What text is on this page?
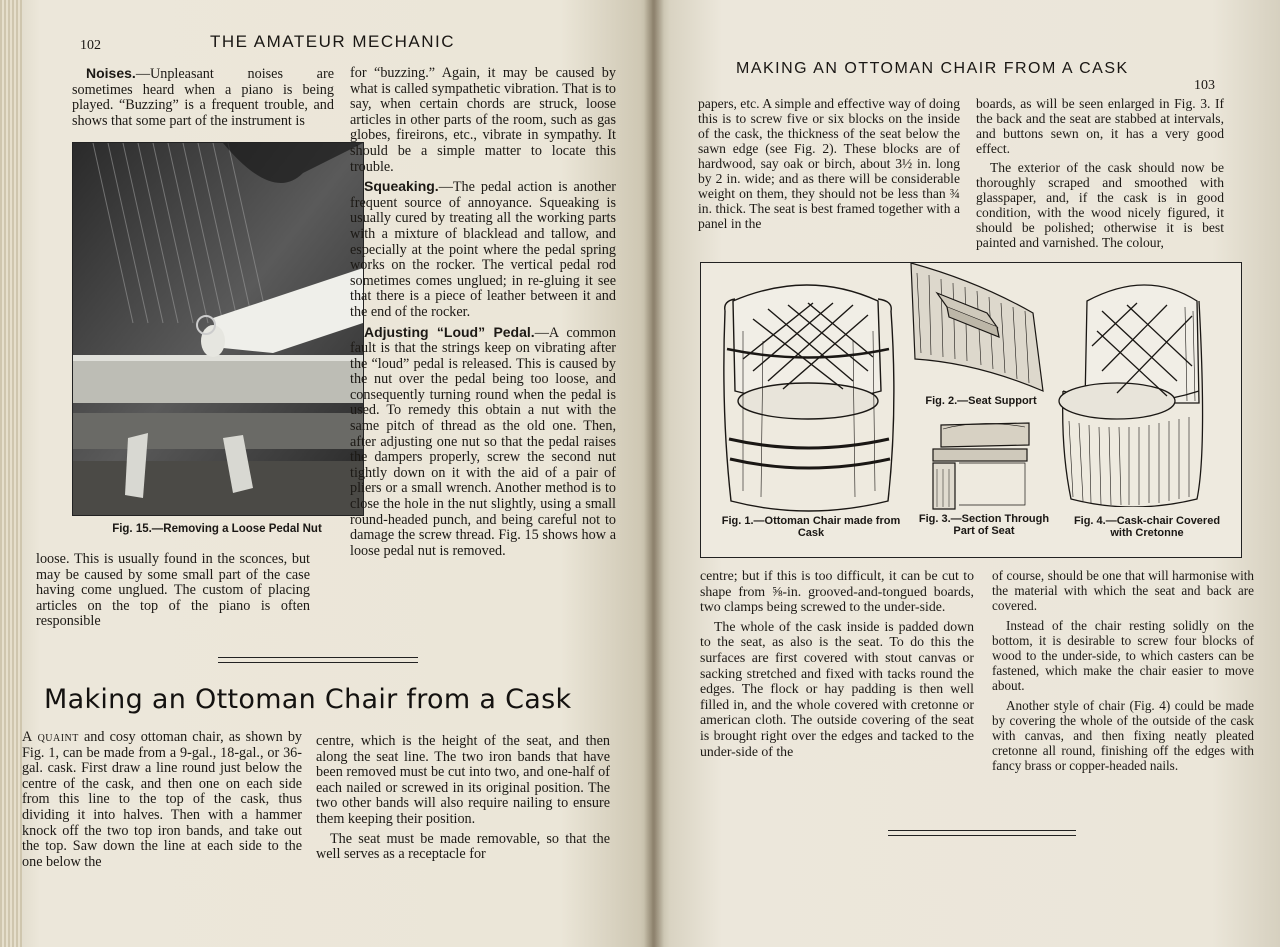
102	THE AMATEUR MECHANIC

Noises.—Unpleasant noises are sometimes heard when a piano is being played. “Buzzing” is a frequent trouble, and shows that some part of the instrument is

Fig. 15.—Removing a Loose Pedal Nut

for “buzzing.” Again, it may be caused by what is called sympathetic vibration. That is to say, when certain chords are struck, loose articles in other parts of the room, such as gas globes, fireirons, etc., vibrate in sympathy. It should be a simple matter to locate this trouble.

Squeaking.—The pedal action is another frequent source of annoyance. Squeaking is usually cured by treating all the working parts with a mixture of blacklead and tallow, and especially at the point where the pedal spring works on the rocker. The vertical pedal rod sometimes comes unglued; in re-gluing it see that there is a piece of leather between it and the end of the rocker.

Adjusting “Loud” Pedal.—A common fault is that the strings keep on vibrating after the “loud” pedal is released. This is caused by the nut over the pedal being too loose, and consequently turning round when the pedal is used. To remedy this obtain a nut with the same pitch of thread as the old one. Then, after adjusting one nut so that the pedal raises the dampers properly, screw the second nut tightly down on it with the aid of a pair of pliers or a small wrench. Another method is to close the hole in the nut slightly, using a small round-headed punch, and being careful not to damage the screw thread. Fig. 15 shows how a loose pedal nut is removed.

loose. This is usually found in the sconces, but may be caused by some small part of the case having come unglued. The custom of placing articles on the top of the piano is often responsible
Making an Ottoman Chair from a Cask

A quaint and cosy ottoman chair, as shown by Fig. 1, can be made from a 9-gal., 18-gal., or 36-gal. cask. First draw a line round just below the centre of the cask, and then one on each side from this line to the top of the cask, thus dividing it into halves. Then with a hammer knock off the two top iron bands, and take out the top. Saw down the line at each side to the one below the

centre, which is the height of the seat, and then along the seat line. The two iron bands that have been removed must be cut into two, and one-half of each nailed or screwed in its original position. The two other bands will also require nailing to ensure them keeping their position.

The seat must be made removable, so that the well serves as a receptacle for

MAKING AN OTTOMAN CHAIR FROM A CASK
103
papers, etc. A simple and effective way of doing this is to screw five or six blocks on the inside of the cask, the thickness of the seat below the sawn edge (see Fig. 2). These blocks are of hardwood, say oak or birch, about 3½ in. long by 2 in. wide; and as there will be considerable weight on them, they should not be less than ¾ in. thick. The seat is best framed together with a panel in the

boards, as will be seen enlarged in Fig. 3. If the back and the seat are stabbed at intervals, and buttons sewn on, it has a very good effect.

The exterior of the cask should now be thoroughly scraped and smoothed with glasspaper, and, if the cask is in good condition, with the wood nicely figured, it should be polished; otherwise it is best painted and varnished. The colour,

Fig. 1.—Ottoman Chair made from Cask
Fig. 2.—Seat Support
Fig. 3.—Section Through Part of Seat
Fig. 4.—Cask-chair Covered with Cretonne

centre; but if this is too difficult, it can be cut to shape from ⅝-in. grooved-and-tongued boards, two clamps being screwed to the under-side.

The whole of the cask inside is padded down to the seat, as also is the seat. To do this the surfaces are first covered with stout canvas or sacking stretched and fixed with tacks round the edges. The flock or hay padding is then well filled in, and the whole covered with cretonne or american cloth. The outside covering of the seat is brought right over the edges and tacked to the under-side of the

of course, should be one that will harmonise with the material with which the seat and back are covered.

Instead of the chair resting solidly on the bottom, it is desirable to screw four blocks of wood to the under-side, to which casters can be fastened, which make the chair easier to move about.

Another style of chair (Fig. 4) could be made by covering the whole of the outside of the cask with canvas, and then fixing neatly pleated cretonne all round, finishing off the edges with fancy brass or copper-headed nails.
